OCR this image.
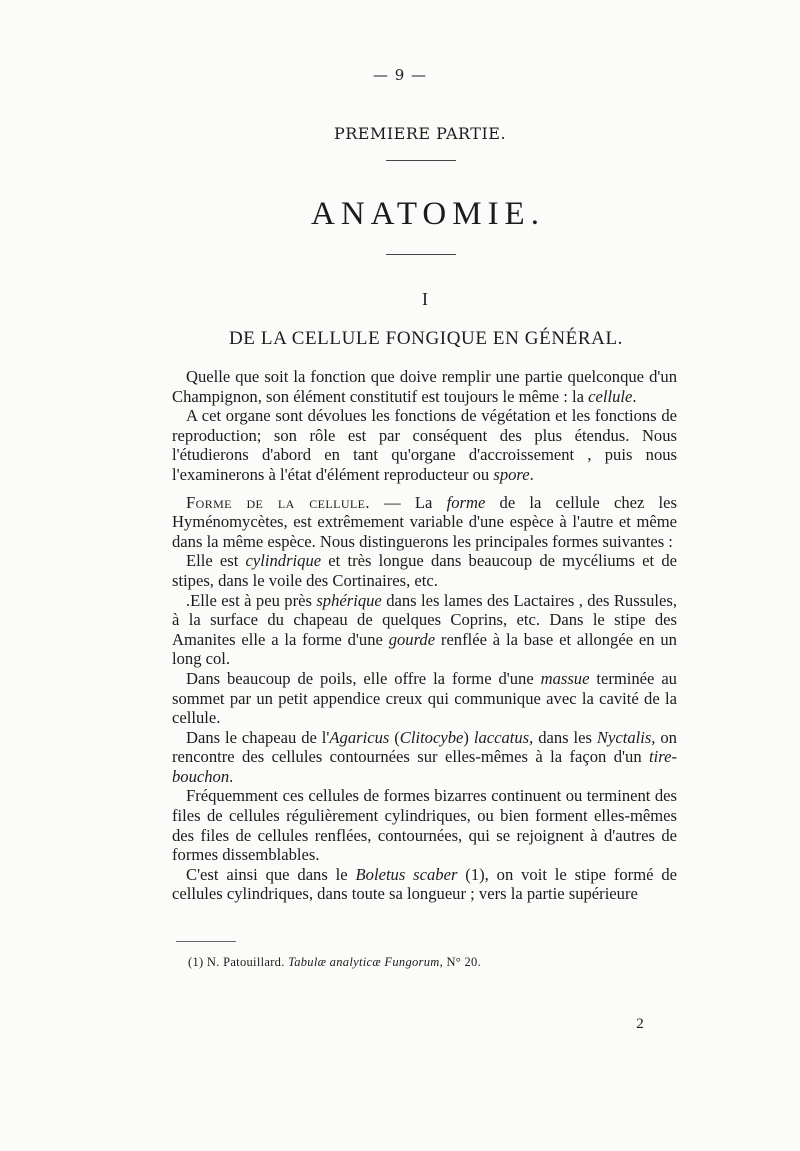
— 9 —
PREMIERE PARTIE.
ANATOMIE.
I
DE LA CELLULE FONGIQUE EN GÉNÉRAL.

Quelle que soit la fonction que doive remplir une partie quelconque d'un Champignon, son élément constitutif est toujours le même : la cellule.

A cet organe sont dévolues les fonctions de végétation et les fonctions de reproduction; son rôle est par conséquent des plus étendus. Nous l'étudierons d'abord en tant qu'organe d'accroissement , puis nous l'examinerons à l'état d'élément reproducteur ou spore.

Forme de la cellule. — La forme de la cellule chez les Hyménomycètes, est extrêmement variable d'une espèce à l'autre et même dans la même espèce. Nous distinguerons les principales formes suivantes :

Elle est cylindrique et très longue dans beaucoup de mycéliums et de stipes, dans le voile des Cortinaires, etc.

.Elle est à peu près sphérique dans les lames des Lactaires , des Russules, à la surface du chapeau de quelques Coprins, etc. Dans le stipe des Amanites elle a la forme d'une gourde renflée à la base et allongée en un long col.

Dans beaucoup de poils, elle offre la forme d'une massue terminée au sommet par un petit appendice creux qui communique avec la cavité de la cellule.

Dans le chapeau de l'Agaricus (Clitocybe) laccatus, dans les Nyctalis, on rencontre des cellules contournées sur elles-mêmes à la façon d'un tire-bouchon.

Fréquemment ces cellules de formes bizarres continuent ou terminent des files de cellules régulièrement cylindriques, ou bien forment elles-mêmes des files de cellules renflées, contournées, qui se rejoignent à d'autres de formes dissemblables.

C'est ainsi que dans le Boletus scaber (1), on voit le stipe formé de cellules cylindriques, dans toute sa longueur ; vers la partie supérieure

(1) N. Patouillard. Tabulæ analyticæ Fungorum, N° 20.
2
